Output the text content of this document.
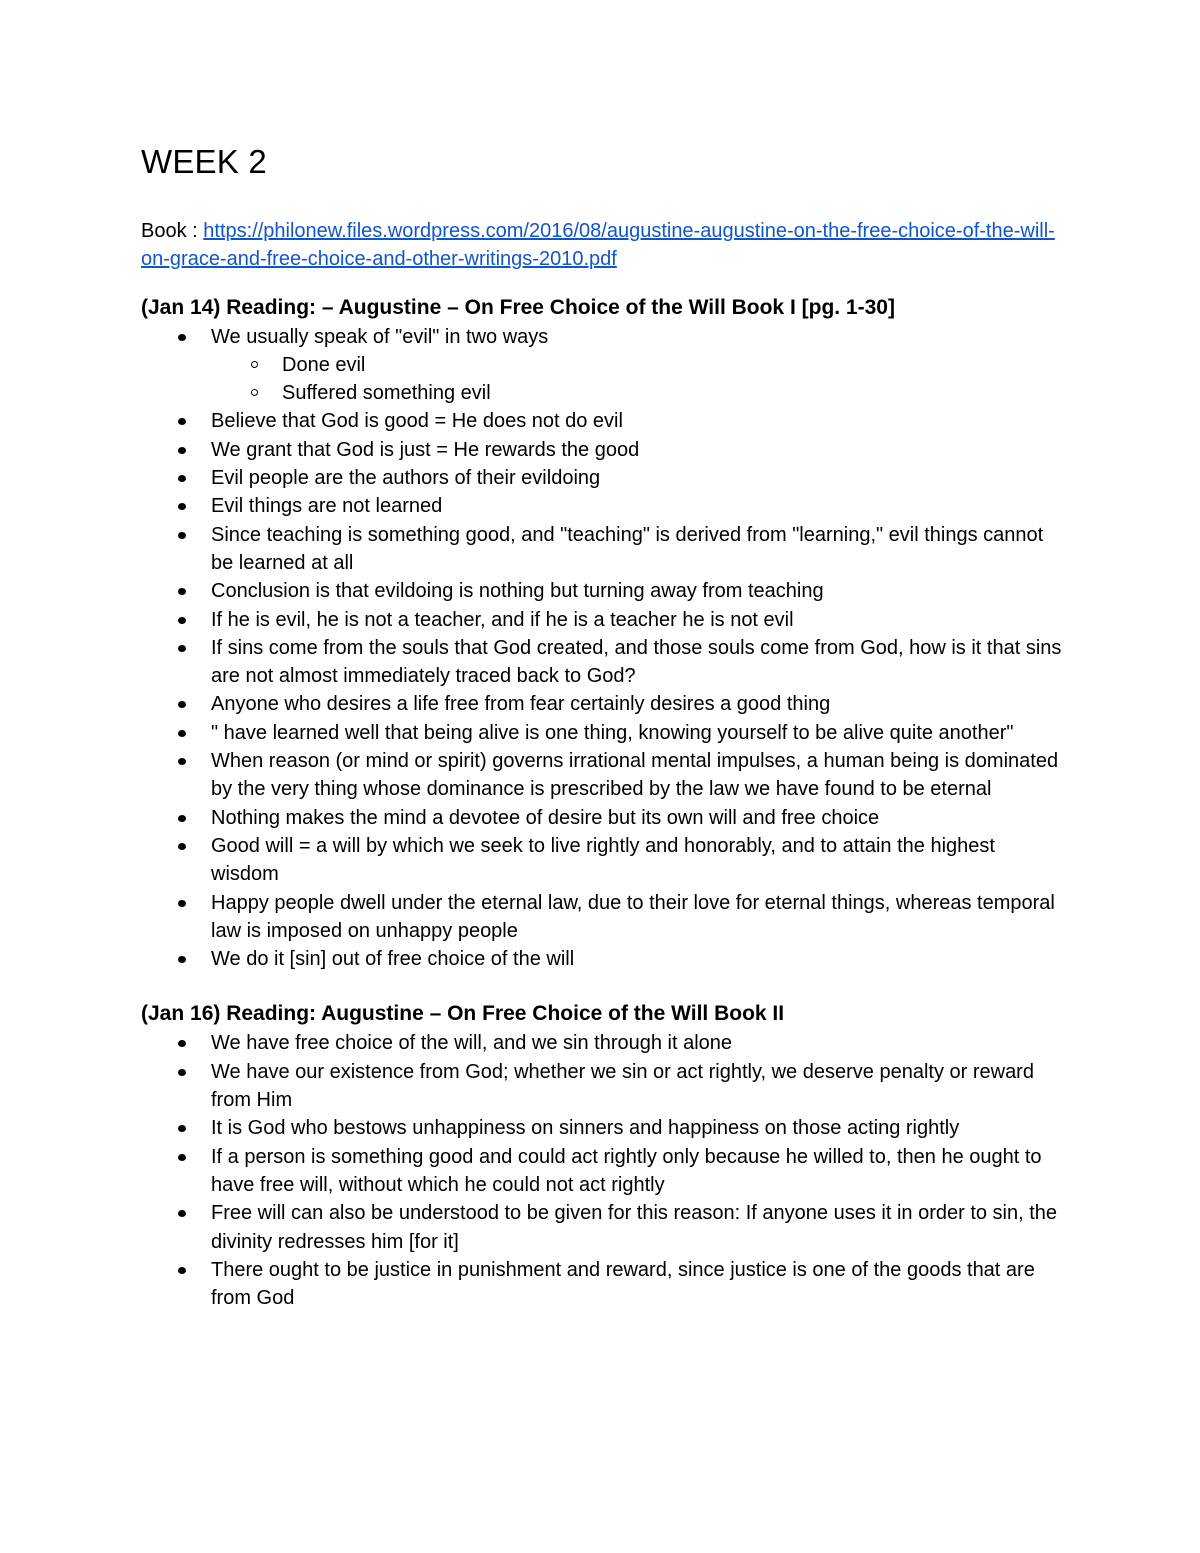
WEEK 2
Book : https://philonew.files.wordpress.com/2016/08/augustine-augustine-on-the-free-choice-of-the-will-on-grace-and-free-choice-and-other-writings-2010.pdf
(Jan 14) Reading: – Augustine – On Free Choice of the Will Book I [pg. 1-30]
We usually speak of "evil" in two ways
Done evil
Suffered something evil
Believe that God is good = He does not do evil
We grant that God is just = He rewards the good
Evil people are the authors of their evildoing
Evil things are not learned
Since teaching is something good, and "teaching" is derived from "learning," evil things cannot be learned at all
Conclusion is that evildoing is nothing but turning away from teaching
If he is evil, he is not a teacher, and if he is a teacher he is not evil
If sins come from the souls that God created, and those souls come from God, how is it that sins are not almost immediately traced back to God?
Anyone who desires a life free from fear certainly desires a good thing
" have learned well that being alive is one thing, knowing yourself to be alive quite another"
When reason (or mind or spirit) governs irrational mental impulses, a human being is dominated by the very thing whose dominance is prescribed by the law we have found to be eternal
Nothing makes the mind a devotee of desire but its own will and free choice
Good will = a will by which we seek to live rightly and honorably, and to attain the highest wisdom
Happy people dwell under the eternal law, due to their love for eternal things, whereas temporal law is imposed on unhappy people
We do it [sin] out of free choice of the will
(Jan 16) Reading: Augustine – On Free Choice of the Will Book II
We have free choice of the will, and we sin through it alone
We have our existence from God; whether we sin or act rightly, we deserve penalty or reward from Him
It is God who bestows unhappiness on sinners and happiness on those acting rightly
If a person is something good and could act rightly only because he willed to, then he ought to have free will, without which he could not act rightly
Free will can also be understood to be given for this reason: If anyone uses it in order to sin, the divinity redresses him [for it]
There ought to be justice in punishment and reward, since justice is one of the goods that are from God
